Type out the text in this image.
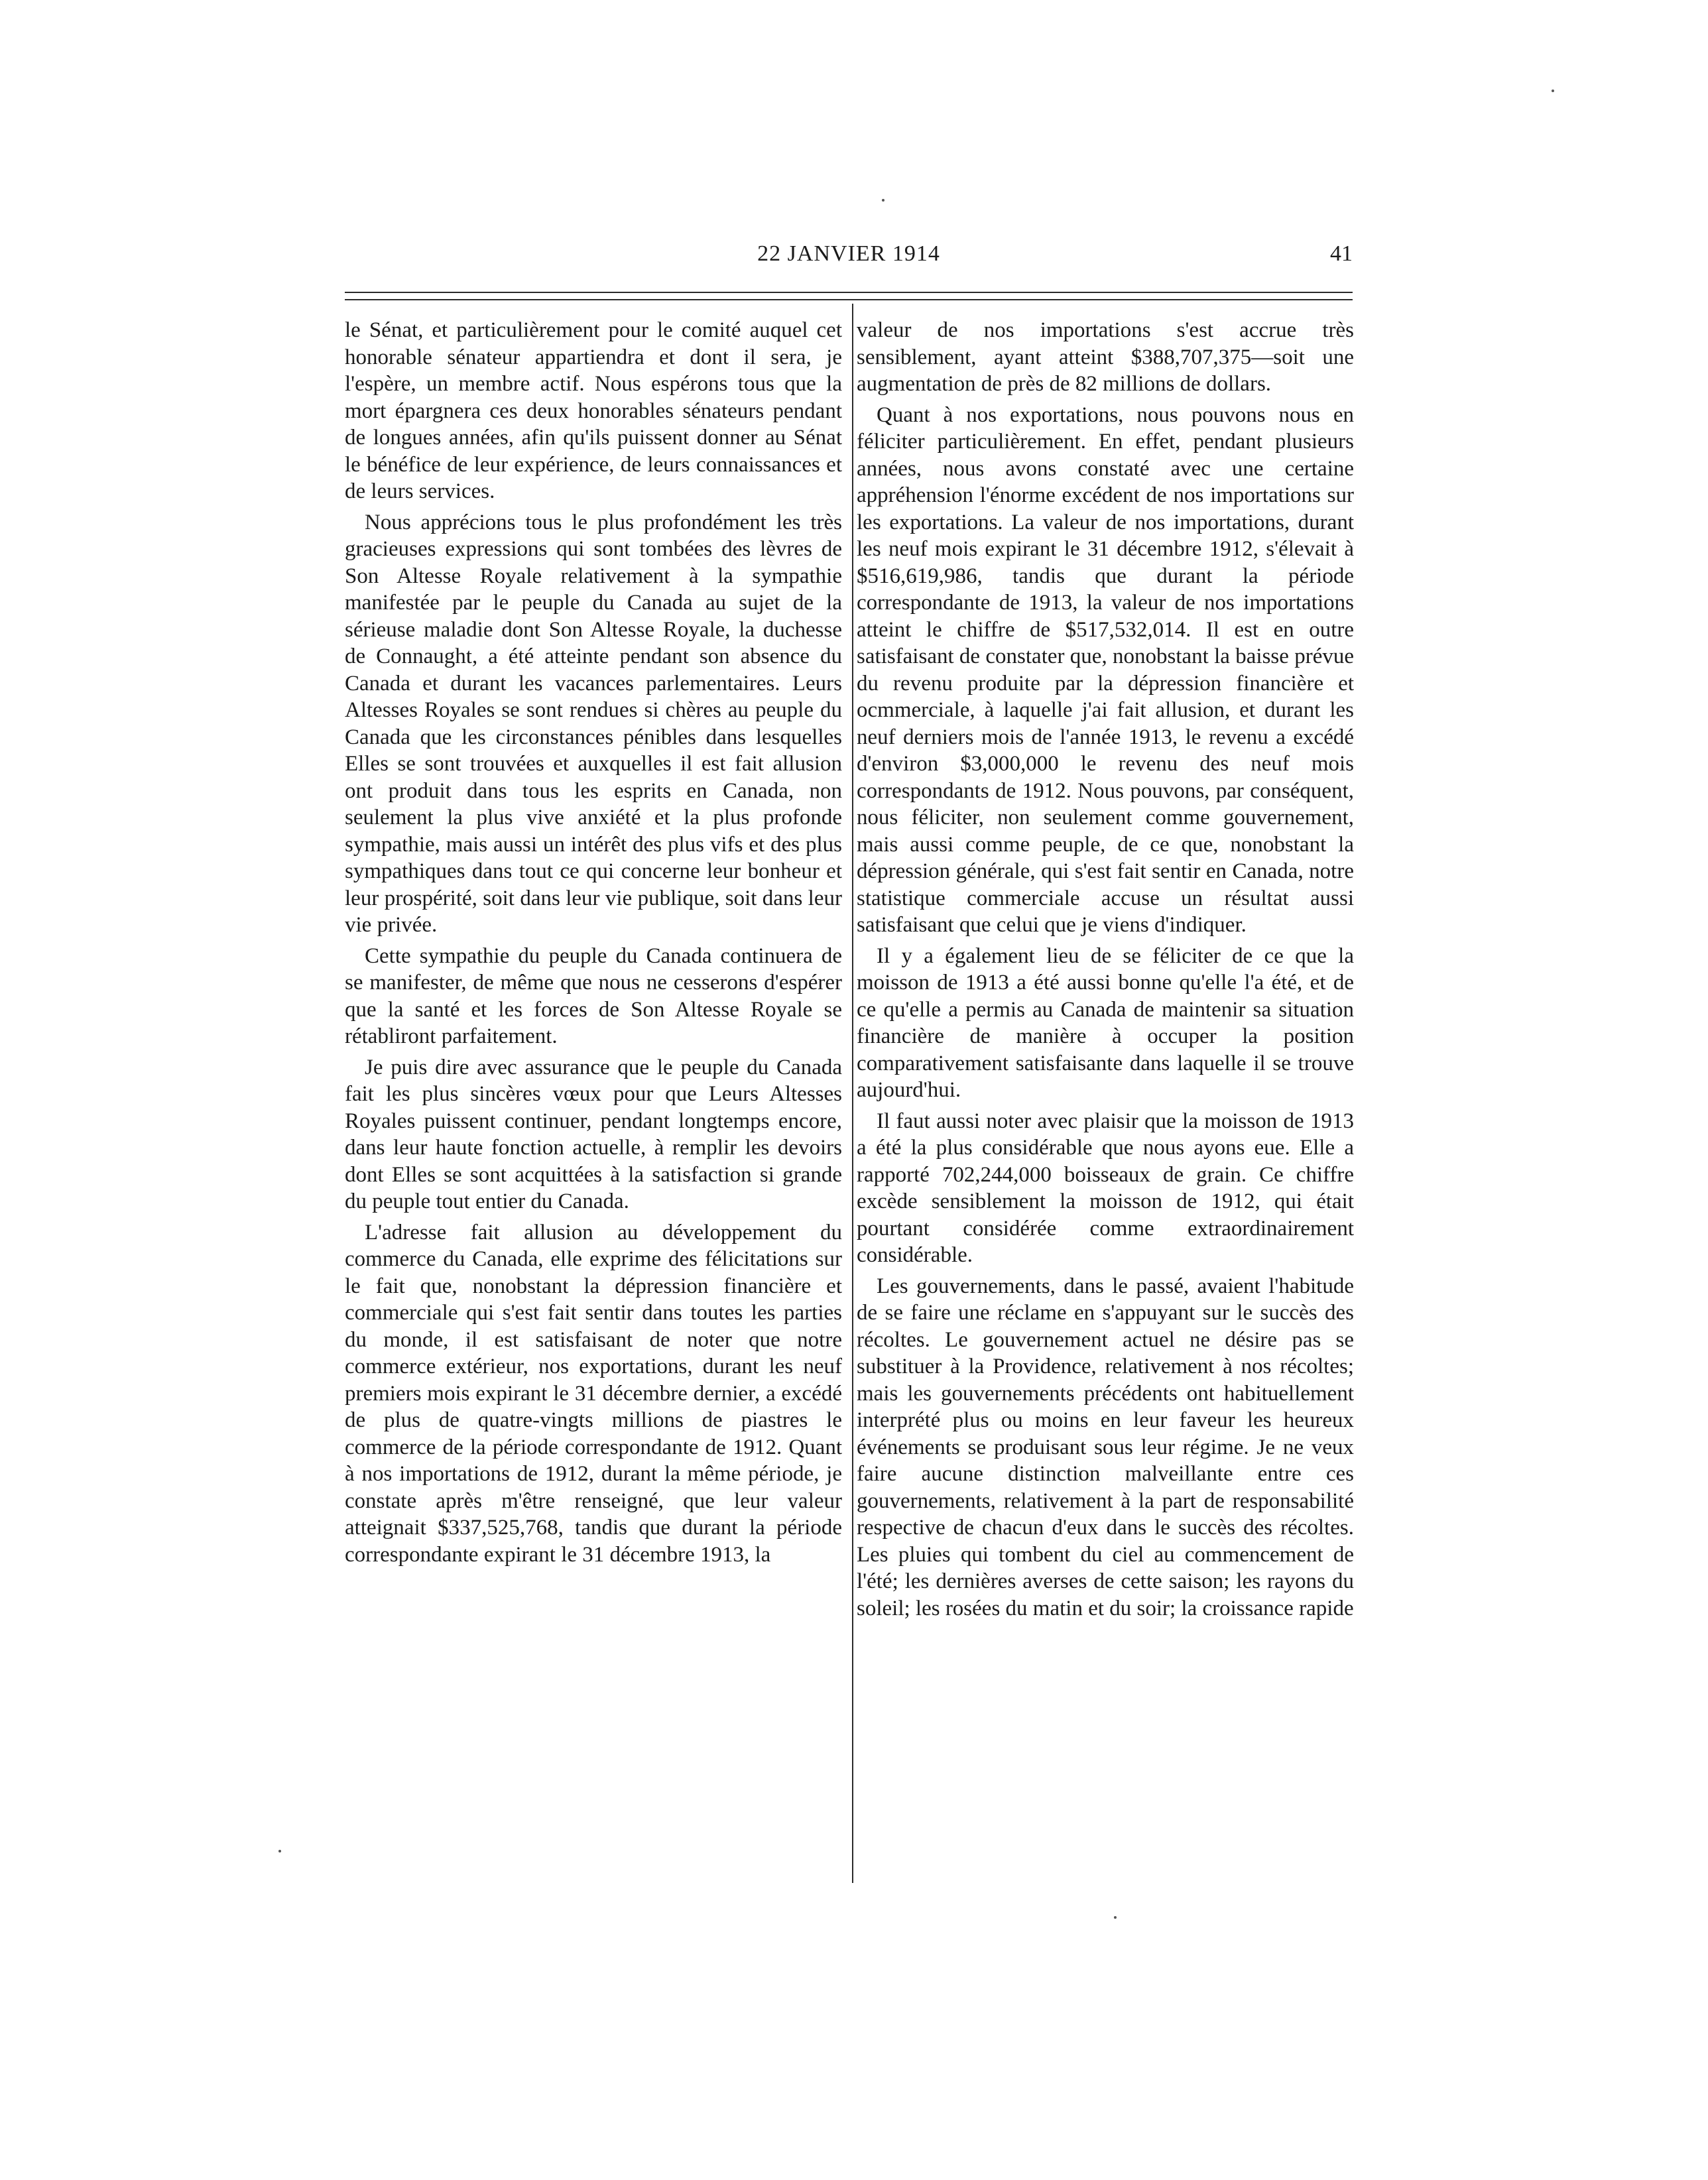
22 JANVIER 1914	41

le Sénat, et particulièrement pour le comité auquel cet honorable sénateur appartiendra et dont il sera, je l'espère, un membre actif. Nous espérons tous que la mort épargnera ces deux honorables sénateurs pendant de longues années, afin qu'ils puissent donner au Sénat le bénéfice de leur expérience, de leurs connaissances et de leurs services.

Nous apprécions tous le plus profondément les très gracieuses expressions qui sont tombées des lèvres de Son Altesse Royale relativement à la sympathie manifestée par le peuple du Canada au sujet de la sérieuse maladie dont Son Altesse Royale, la duchesse de Connaught, a été atteinte pendant son absence du Canada et durant les vacances parlementaires. Leurs Altesses Royales se sont rendues si chères au peuple du Canada que les circonstances pénibles dans lesquelles Elles se sont trouvées et auxquelles il est fait allusion ont produit dans tous les esprits en Canada, non seulement la plus vive anxiété et la plus profonde sympathie, mais aussi un intérêt des plus vifs et des plus sympathiques dans tout ce qui concerne leur bonheur et leur prospérité, soit dans leur vie publique, soit dans leur vie privée.

Cette sympathie du peuple du Canada continuera de se manifester, de même que nous ne cesserons d'espérer que la santé et les forces de Son Altesse Royale se rétabliront parfaitement.

Je puis dire avec assurance que le peuple du Canada fait les plus sincères vœux pour que Leurs Altesses Royales puissent continuer, pendant longtemps encore, dans leur haute fonction actuelle, à remplir les devoirs dont Elles se sont acquittées à la satisfaction si grande du peuple tout entier du Canada.

L'adresse fait allusion au développement du commerce du Canada, elle exprime des félicitations sur le fait que, nonobstant la dépression financière et commerciale qui s'est fait sentir dans toutes les parties du monde, il est satisfaisant de noter que notre commerce extérieur, nos exportations, durant les neuf premiers mois expirant le 31 décembre dernier, a excédé de plus de quatre-vingts millions de piastres le commerce de la période correspondante de 1912. Quant à nos importations de 1912, durant la même période, je constate après m'être renseigné, que leur valeur atteignait $337,525,768, tandis que durant la période correspondante expirant le 31 décembre 1913, la

valeur de nos importations s'est accrue très sensiblement, ayant atteint $388,707,375—soit une augmentation de près de 82 millions de dollars.

Quant à nos exportations, nous pouvons nous en féliciter particulièrement. En effet, pendant plusieurs années, nous avons constaté avec une certaine appréhension l'énorme excédent de nos importations sur les exportations. La valeur de nos importations, durant les neuf mois expirant le 31 décembre 1912, s'élevait à $516,619,986, tandis que durant la période correspondante de 1913, la valeur de nos importations atteint le chiffre de $517,532,014. Il est en outre satisfaisant de constater que, nonobstant la baisse prévue du revenu produite par la dépression financière et ocmmerciale, à laquelle j'ai fait allusion, et durant les neuf derniers mois de l'année 1913, le revenu a excédé d'environ $3,000,000 le revenu des neuf mois correspondants de 1912. Nous pouvons, par conséquent, nous féliciter, non seulement comme gouvernement, mais aussi comme peuple, de ce que, nonobstant la dépression générale, qui s'est fait sentir en Canada, notre statistique commerciale accuse un résultat aussi satisfaisant que celui que je viens d'indiquer.

Il y a également lieu de se féliciter de ce que la moisson de 1913 a été aussi bonne qu'elle l'a été, et de ce qu'elle a permis au Canada de maintenir sa situation financière de manière à occuper la position comparativement satisfaisante dans laquelle il se trouve aujourd'hui.

Il faut aussi noter avec plaisir que la moisson de 1913 a été la plus considérable que nous ayons eue. Elle a rapporté 702,244,000 boisseaux de grain. Ce chiffre excède sensiblement la moisson de 1912, qui était pourtant considérée comme extraordinairement considérable.

Les gouvernements, dans le passé, avaient l'habitude de se faire une réclame en s'appuyant sur le succès des récoltes. Le gouvernement actuel ne désire pas se substituer à la Providence, relativement à nos récoltes; mais les gouvernements précédents ont habituellement interprété plus ou moins en leur faveur les heureux événements se produisant sous leur régime. Je ne veux faire aucune distinction malveillante entre ces gouvernements, relativement à la part de responsabilité respective de chacun d'eux dans le succès des récoltes. Les pluies qui tombent du ciel au commencement de l'été; les dernières averses de cette saison; les rayons du soleil; les rosées du matin et du soir; la croissance rapide
